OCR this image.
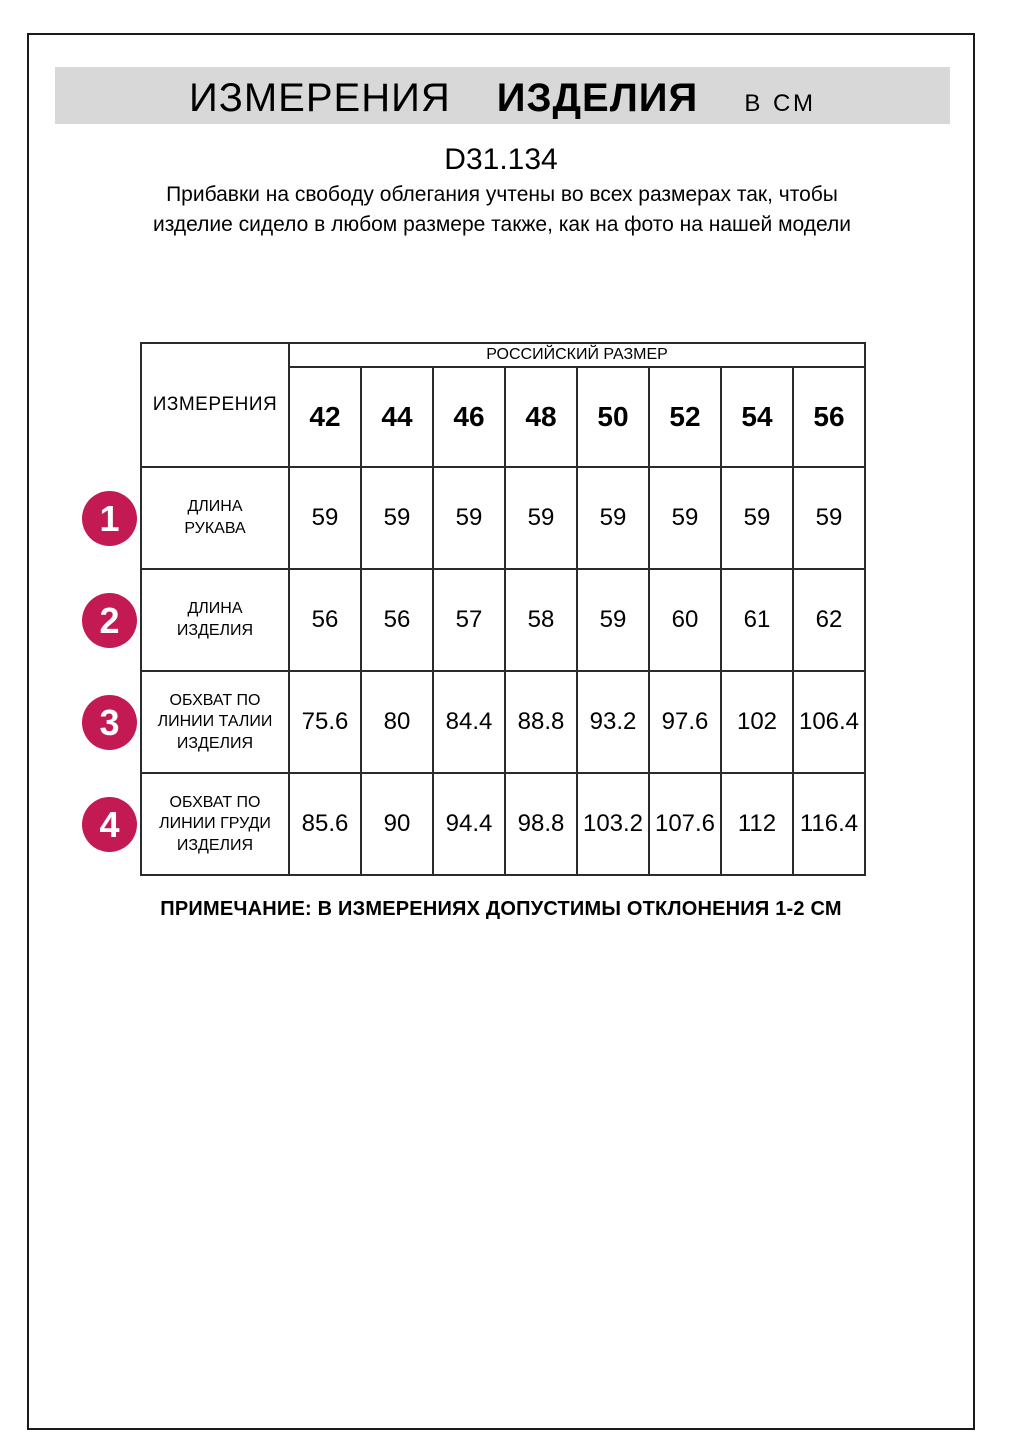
ИЗМЕРЕНИЯ ИЗДЕЛИЯ В СМ
D31.134
Прибавки на свободу облегания учтены во всех размерах так, чтобы изделие сидело в любом размере также, как на фото на нашей модели
ИЗМЕРЕНИЯ	РОССИЙСКИЙ РАЗМЕР							
	42	44	46	48	50	52	54	56
ДЛИНА РУКАВА	59	59	59	59	59	59	59	59
ДЛИНА ИЗДЕЛИЯ	56	56	57	58	59	60	61	62
ОБХВАТ ПО ЛИНИИ ТАЛИИ ИЗДЕЛИЯ	75.6	80	84.4	88.8	93.2	97.6	102	106.4
ОБХВАТ ПО ЛИНИИ ГРУДИ ИЗДЕЛИЯ	85.6	90	94.4	98.8	103.2	107.6	112	116.4
1
2
3
4
ПРИМЕЧАНИЕ: В ИЗМЕРЕНИЯХ ДОПУСТИМЫ ОТКЛОНЕНИЯ 1-2 СМ
